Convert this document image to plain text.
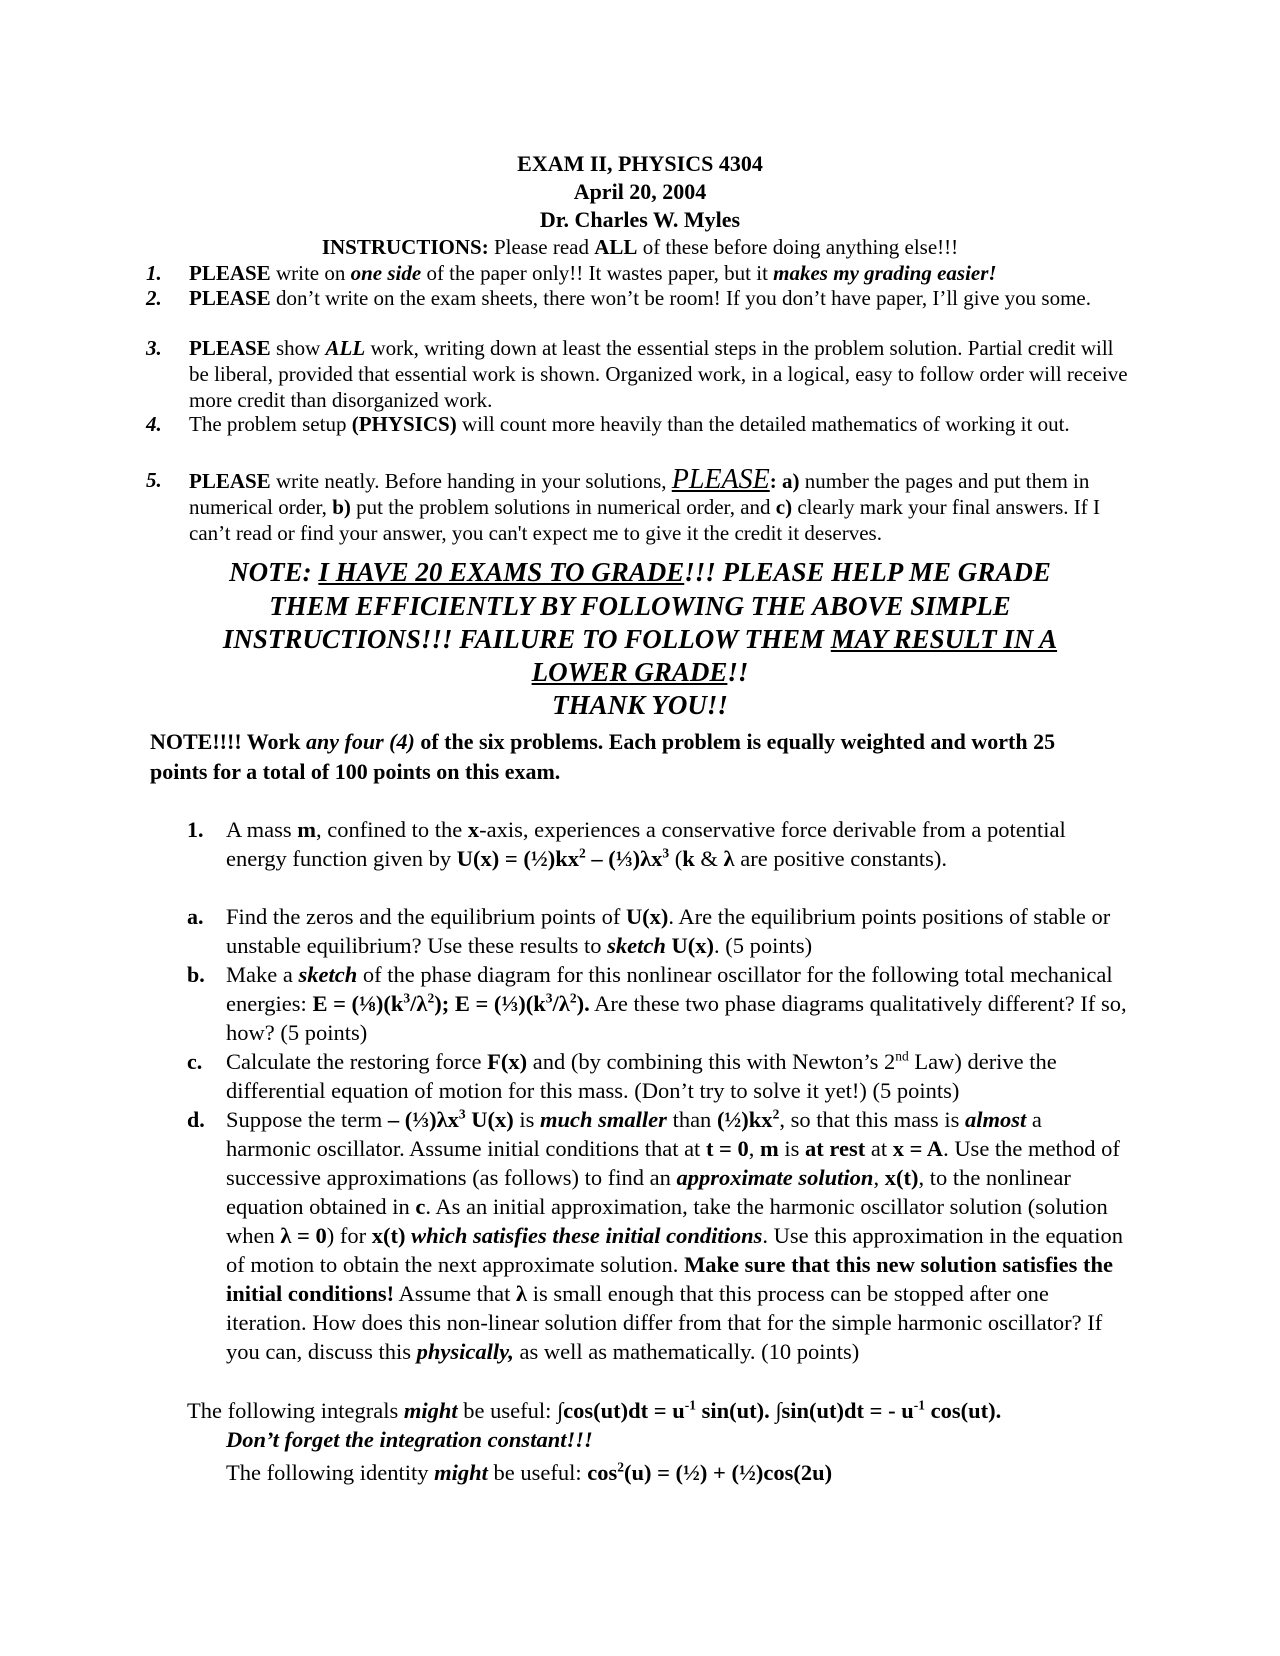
EXAM II, PHYSICS 4304
April 20, 2004
Dr. Charles W. Myles
INSTRUCTIONS: Please read ALL of these before doing anything else!!!
1.	PLEASE write on one side of the paper only!! It wastes paper, but it makes my grading easier!
2.	PLEASE don’t write on the exam sheets, there won’t be room! If you don’t have paper, I’ll give you some.
3.	PLEASE show ALL work, writing down at least the essential steps in the problem solution. Partial credit will be liberal, provided that essential work is shown. Organized work, in a logical, easy to follow order will receive more credit than disorganized work.
4.	The problem setup (PHYSICS) will count more heavily than the detailed mathematics of working it out.
5.	PLEASE write neatly. Before handing in your solutions, PLEASE: a) number the pages and put them in numerical order, b) put the problem solutions in numerical order, and c) clearly mark your final answers. If I can’t read or find your answer, you can't expect me to give it the credit it deserves.
NOTE: I HAVE 20 EXAMS TO GRADE!!! PLEASE HELP ME GRADE
THEM EFFICIENTLY BY FOLLOWING THE ABOVE SIMPLE
INSTRUCTIONS!!! FAILURE TO FOLLOW THEM MAY RESULT IN A
LOWER GRADE!!
THANK YOU!!
NOTE!!!! Work any four (4) of the six problems. Each problem is equally weighted and worth 25 points for a total of 100 points on this exam.
1.	A mass m, confined to the x-axis, experiences a conservative force derivable from a potential energy function given by $U(x) = (\frac{1}{2})kx^2$ – $(\frac{1}{3})\lambda x^3$ (k & λ are positive constants).
a.	Find the zeros and the equilibrium points of U(x). Are the equilibrium points positions of stable or unstable equilibrium? Use these results to sketch U(x). (5 points)
b. Make a sketch of the phase diagram for this nonlinear oscillator for the following total mechanical energies: $E = (\frac{1}{8})(k^3/\lambda^2)$; $E = (\frac{1}{3})(k^3/\lambda^2)$. Are these two phase diagrams qualitatively different? If so, how? (5 points)
c.	Calculate the restoring force F(x) and (by combining this with Newton’s 2nd Law) derive the differential equation of motion for this mass. (Don’t try to solve it yet!) (5 points)
d. Suppose the term – $(\frac{1}{3})\lambda x^3$ U(x) is much smaller than $(\frac{1}{2})kx^2$, so that this mass is almost a harmonic oscillator. Assume initial conditions that at t = 0, m is at rest at x = A. Use the method of successive approximations (as follows) to find an approximate solution, x(t), to the nonlinear equation obtained in c. As an initial approximation, take the harmonic oscillator solution (solution when λ = 0) for x(t) which satisfies these initial conditions. Use this approximation in the equation of motion to obtain the next approximate solution. Make sure that this new solution satisfies the initial conditions! Assume that λ is small enough that this process can be stopped after one iteration. How does this non-linear solution differ from that for the simple harmonic oscillator? If you can, discuss this physically, as well as mathematically. (10 points)
The following integrals might be useful: $\int\cos(ut)dt = u^{-1}$ sin(ut). ∫sin(ut)dt = - $u^{-1}$ cos(ut).
Don’t forget the integration constant!!!
The following identity might be useful: $\cos^2(u)$ = (½) + (½)cos(2u)
